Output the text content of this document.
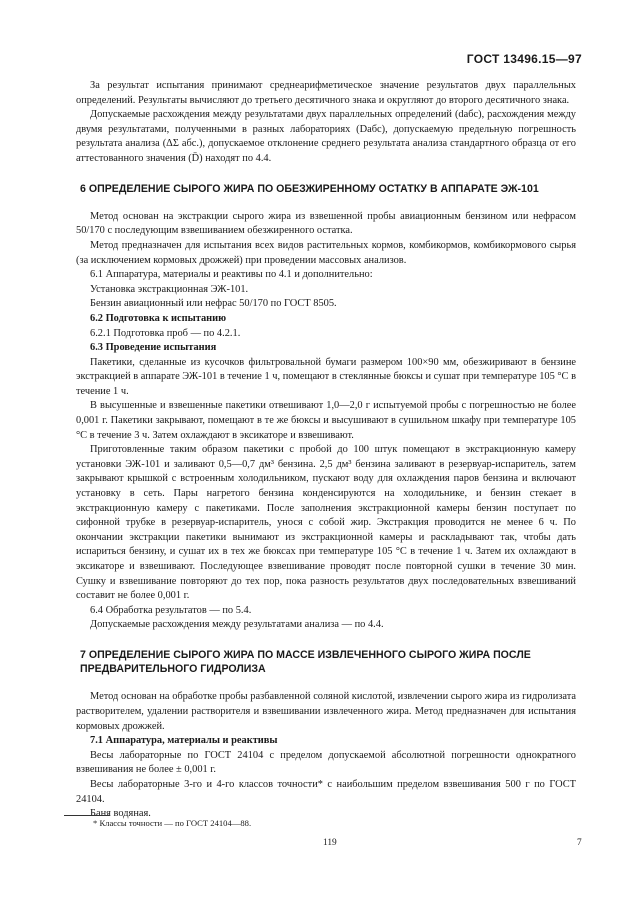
ГОСТ 13496.15—97

За результат испытания принимают среднеарифметическое значение результатов двух параллельных определений. Результаты вычисляют до третьего десятичного знака и округляют до второго десятичного знака.

Допускаемые расхождения между результатами двух параллельных определений (dабс), расхождения между двумя результатами, полученными в разных лабораториях (Dабс), допускаемую предельную погрешность результата анализа (ΔΣ абс.), допускаемое отклонение среднего результата анализа стандартного образца от его аттестованного значения (D̄) находят по 4.4.

6 ОПРЕДЕЛЕНИЕ СЫРОГО ЖИРА ПО ОБЕЗЖИРЕННОМУ ОСТАТКУ В АППАРАТЕ ЭЖ-101

Метод основан на экстракции сырого жира из взвешенной пробы авиационным бензином или нефрасом 50/170 с последующим взвешиванием обезжиренного остатка.

Метод предназначен для испытания всех видов растительных кормов, комбикормов, комбикормового сырья (за исключением кормовых дрожжей) при проведении массовых анализов.

6.1 Аппаратура, материалы и реактивы по 4.1 и дополнительно:

Установка экстракционная ЭЖ-101.

Бензин авиационный или нефрас 50/170 по ГОСТ 8505.

6.2 Подготовка к испытанию

6.2.1 Подготовка проб — по 4.2.1.

6.3 Проведение испытания

Пакетики, сделанные из кусочков фильтровальной бумаги размером 100×90 мм, обезжиривают в бензине экстракцией в аппарате ЭЖ-101 в течение 1 ч, помещают в стеклянные бюксы и сушат при температуре 105 °С в течение 1 ч.

В высушенные и взвешенные пакетики отвешивают 1,0—2,0 г испытуемой пробы с погрешностью не более 0,001 г. Пакетики закрывают, помещают в те же бюксы и высушивают в сушильном шкафу при температуре 105 °С в течение 3 ч. Затем охлаждают в эксикаторе и взвешивают.

Приготовленные таким образом пакетики с пробой до 100 штук помещают в экстракционную камеру установки ЭЖ-101 и заливают 0,5—0,7 дм³ бензина. 2,5 дм³ бензина заливают в резервуар-испаритель, затем закрывают крышкой с встроенным холодильником, пускают воду для охлаждения паров бензина и включают установку в сеть. Пары нагретого бензина конденсируются на холодильнике, и бензин стекает в экстракционную камеру с пакетиками. После заполнения экстракционной камеры бензин поступает по сифонной трубке в резервуар-испаритель, унося с собой жир. Экстракция проводится не менее 6 ч. По окончании экстракции пакетики вынимают из экстракционной камеры и раскладывают так, чтобы дать испариться бензину, и сушат их в тех же бюксах при температуре 105 °С в течение 1 ч. Затем их охлаждают в эксикаторе и взвешивают. Последующее взвешивание проводят после повторной сушки в течение 30 мин. Сушку и взвешивание повторяют до тех пор, пока разность результатов двух последовательных взвешиваний составит не более 0,001 г.

6.4 Обработка результатов — по 5.4.

Допускаемые расхождения между результатами анализа — по 4.4.

7 ОПРЕДЕЛЕНИЕ СЫРОГО ЖИРА ПО МАССЕ ИЗВЛЕЧЕННОГО СЫРОГО ЖИРА ПОСЛЕ ПРЕДВАРИТЕЛЬНОГО ГИДРОЛИЗА

Метод основан на обработке пробы разбавленной соляной кислотой, извлечении сырого жира из гидролизата растворителем, удалении растворителя и взвешивании извлеченного жира. Метод предназначен для испытания кормовых дрожжей.

7.1 Аппаратура, материалы и реактивы

Весы лабораторные по ГОСТ 24104 с пределом допускаемой абсолютной погрешности однократного взвешивания не более ± 0,001 г.

Весы лабораторные 3-го и 4-го классов точности* с наибольшим пределом взвешивания 500 г по ГОСТ 24104.

Баня водяная.

* Классы точности — по ГОСТ 24104—88.
119	7
